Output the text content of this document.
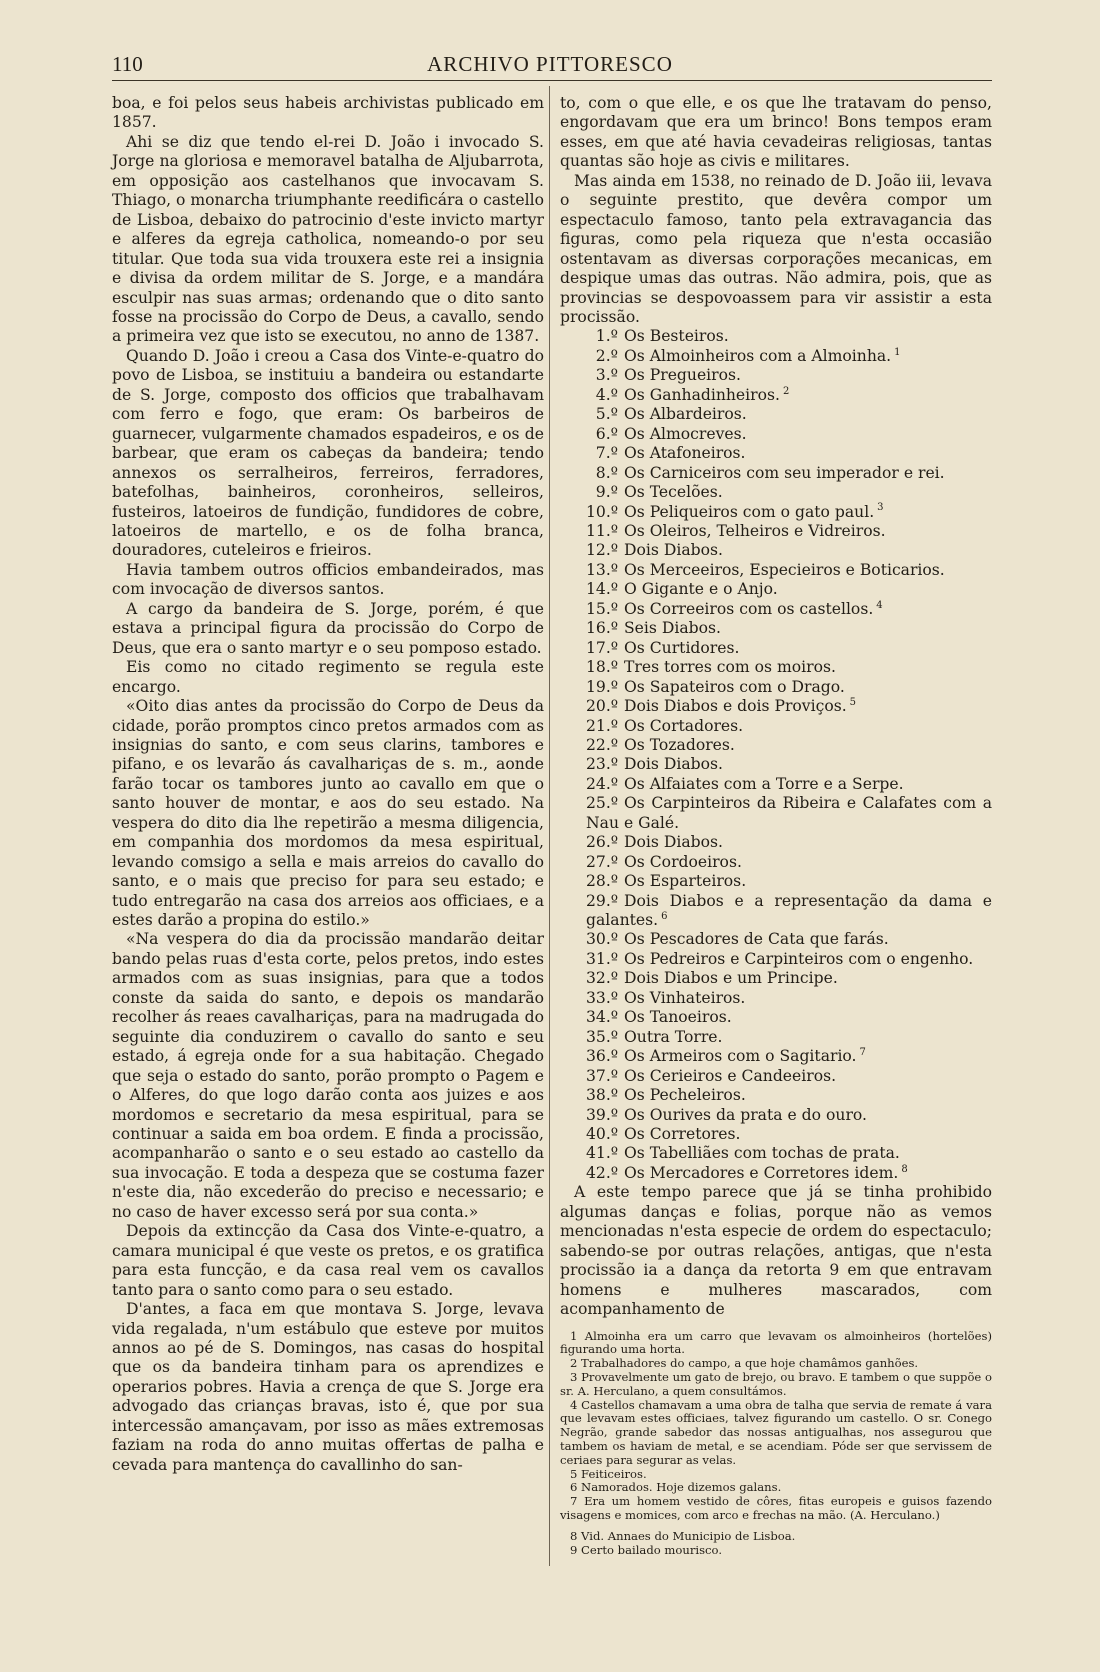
110	ARCHIVO PITTORESCO

boa, e foi pelos seus habeis archivistas publicado em 1857.

Ahi se diz que tendo el-rei D. João i invocado S. Jorge na gloriosa e memoravel batalha de Aljubarrota, em opposição aos castelhanos que invocavam S. Thiago, o monarcha triumphante reedificára o castello de Lisboa, debaixo do patrocinio d'este invicto martyr e alferes da egreja catholica, nomeando-o por seu titular. Que toda sua vida trouxera este rei a insignia e divisa da ordem militar de S. Jorge, e a mandára esculpir nas suas armas; ordenando que o dito santo fosse na procissão do Corpo de Deus, a cavallo, sendo a primeira vez que isto se executou, no anno de 1387.

Quando D. João i creou a Casa dos Vinte-e-quatro do povo de Lisboa, se instituiu a bandeira ou estandarte de S. Jorge, composto dos officios que trabalhavam com ferro e fogo, que eram: Os barbeiros de guarnecer, vulgarmente chamados espadeiros, e os de barbear, que eram os cabeças da bandeira; tendo annexos os serralheiros, ferreiros, ferradores, batefolhas, bainheiros, coronheiros, selleiros, fusteiros, latoeiros de fundição, fundidores de cobre, latoeiros de martello, e os de folha branca, douradores, cuteleiros e frieiros.

Havia tambem outros officios embandeirados, mas com invocação de diversos santos.

A cargo da bandeira de S. Jorge, porém, é que estava a principal figura da procissão do Corpo de Deus, que era o santo martyr e o seu pomposo estado.

Eis como no citado regimento se regula este encargo.

«Oito dias antes da procissão do Corpo de Deus da cidade, porão promptos cinco pretos armados com as insignias do santo, e com seus clarins, tambores e pifano, e os levarão ás cavalhariças de s. m., aonde farão tocar os tambores junto ao cavallo em que o santo houver de montar, e aos do seu estado. Na vespera do dito dia lhe repetirão a mesma diligencia, em companhia dos mordomos da mesa espiritual, levando comsigo a sella e mais arreios do cavallo do santo, e o mais que preciso for para seu estado; e tudo entregarão na casa dos arreios aos officiaes, e a estes darão a propina do estilo.»

«Na vespera do dia da procissão mandarão deitar bando pelas ruas d'esta corte, pelos pretos, indo estes armados com as suas insignias, para que a todos conste da saida do santo, e depois os mandarão recolher ás reaes cavalhariças, para na madrugada do seguinte dia conduzirem o cavallo do santo e seu estado, á egreja onde for a sua habitação. Chegado que seja o estado do santo, porão prompto o Pagem e o Alferes, do que logo darão conta aos juizes e aos mordomos e secretario da mesa espiritual, para se continuar a saida em boa ordem. E finda a procissão, acompanharão o santo e o seu estado ao castello da sua invocação. E toda a despeza que se costuma fazer n'este dia, não excederão do preciso e necessario; e no caso de haver excesso será por sua conta.»

Depois da extincção da Casa dos Vinte-e-quatro, a camara municipal é que veste os pretos, e os gratifica para esta funcção, e da casa real vem os cavallos tanto para o santo como para o seu estado.

D'antes, a faca em que montava S. Jorge, levava vida regalada, n'um estábulo que esteve por muitos annos ao pé de S. Domingos, nas casas do hospital que os da bandeira tinham para os aprendizes e operarios pobres. Havia a crença de que S. Jorge era advogado das crianças bravas, isto é, que por sua intercessão amançavam, por isso as mães extremosas faziam na roda do anno muitas offertas de palha e cevada para mantença do cavallinho do san-

to, com o que elle, e os que lhe tratavam do penso, engordavam que era um brinco! Bons tempos eram esses, em que até havia cevadeiras religiosas, tantas quantas são hoje as civis e militares.

Mas ainda em 1538, no reinado de D. João iii, levava o seguinte prestito, que devêra compor um espectaculo famoso, tanto pela extravagancia das figuras, como pela riqueza que n'esta occasião ostentavam as diversas corporações mecanicas, em despique umas das outras. Não admira, pois, que as provincias se despovoassem para vir assistir a esta procissão.

1.º Os Besteiros.
2.º Os Almoinheiros com a Almoinha. $^1$
3.º Os Pregueiros.
4.º Os Ganhadinheiros. $^2$
5.º Os Albardeiros.
6.º Os Almocreves.
7.º Os Atafoneiros.
8.º Os Carniceiros com seu imperador e rei.
9.º Os Tecelões.
10.º Os Peliqueiros com o gato paul. $^3$
11.º Os Oleiros, Telheiros e Vidreiros.
12.º Dois Diabos.
13.º Os Merceeiros, Especieiros e Boticarios.
14.º O Gigante e o Anjo.
15.º Os Correeiros com os castellos. $^4$
16.º Seis Diabos.
17.º Os Curtidores.
18.º Tres torres com os moiros.
19.º Os Sapateiros com o Drago.
20.º Dois Diabos e dois Proviços. $^5$
21.º Os Cortadores.
22.º Os Tozadores.
23.º Dois Diabos.
24.º Os Alfaiates com a Torre e a Serpe.
25.º Os Carpinteiros da Ribeira e Calafates com a Nau e Galé.
26.º Dois Diabos.
27.º Os Cordoeiros.
28.º Os Esparteiros.
29.º Dois Diabos e a representação da dama e galantes. $^6$
30.º Os Pescadores de Cata que farás.
31.º Os Pedreiros e Carpinteiros com o engenho.
32.º Dois Diabos e um Principe.
33.º Os Vinhateiros.
34.º Os Tanoeiros.
35.º Outra Torre.
36.º Os Armeiros com o Sagitario. $^7$
37.º Os Cerieiros e Candeeiros.
38.º Os Pecheleiros.
39.º Os Ourives da prata e do ouro.
40.º Os Corretores.
41.º Os Tabelliães com tochas de prata.
42.º Os Mercadores e Corretores idem. $^8$

A este tempo parece que já se tinha prohibido algumas danças e folias, porque não as vemos mencionadas n'esta especie de ordem do espectaculo; sabendo-se por outras relações, antigas, que n'esta procissão ia a dança da retorta 9 em que entravam homens e mulheres mascarados, com acompanhamento de

1 Almoinha era um carro que levavam os almoinheiros (hortelões) figurando uma horta.

2 Trabalhadores do campo, a que hoje chamâmos ganhões.

3 Provavelmente um gato de brejo, ou bravo. E tambem o que suppõe o sr. A. Herculano, a quem consultámos.

4 Castellos chamavam a uma obra de talha que servia de remate á vara que levavam estes officiaes, talvez figurando um castello. O sr. Conego Negrão, grande sabedor das nossas antigualhas, nos assegurou que tambem os haviam de metal, e se acendiam. Póde ser que servissem de ceriaes para segurar as velas.

5 Feiticeiros.

6 Namorados. Hoje dizemos galans.

7 Era um homem vestido de côres, fitas europeis e guisos fazendo visagens e momices, com arco e frechas na mão. (A. Herculano.)

8 Vid. Annaes do Municipio de Lisboa.

9 Certo bailado mourisco.
